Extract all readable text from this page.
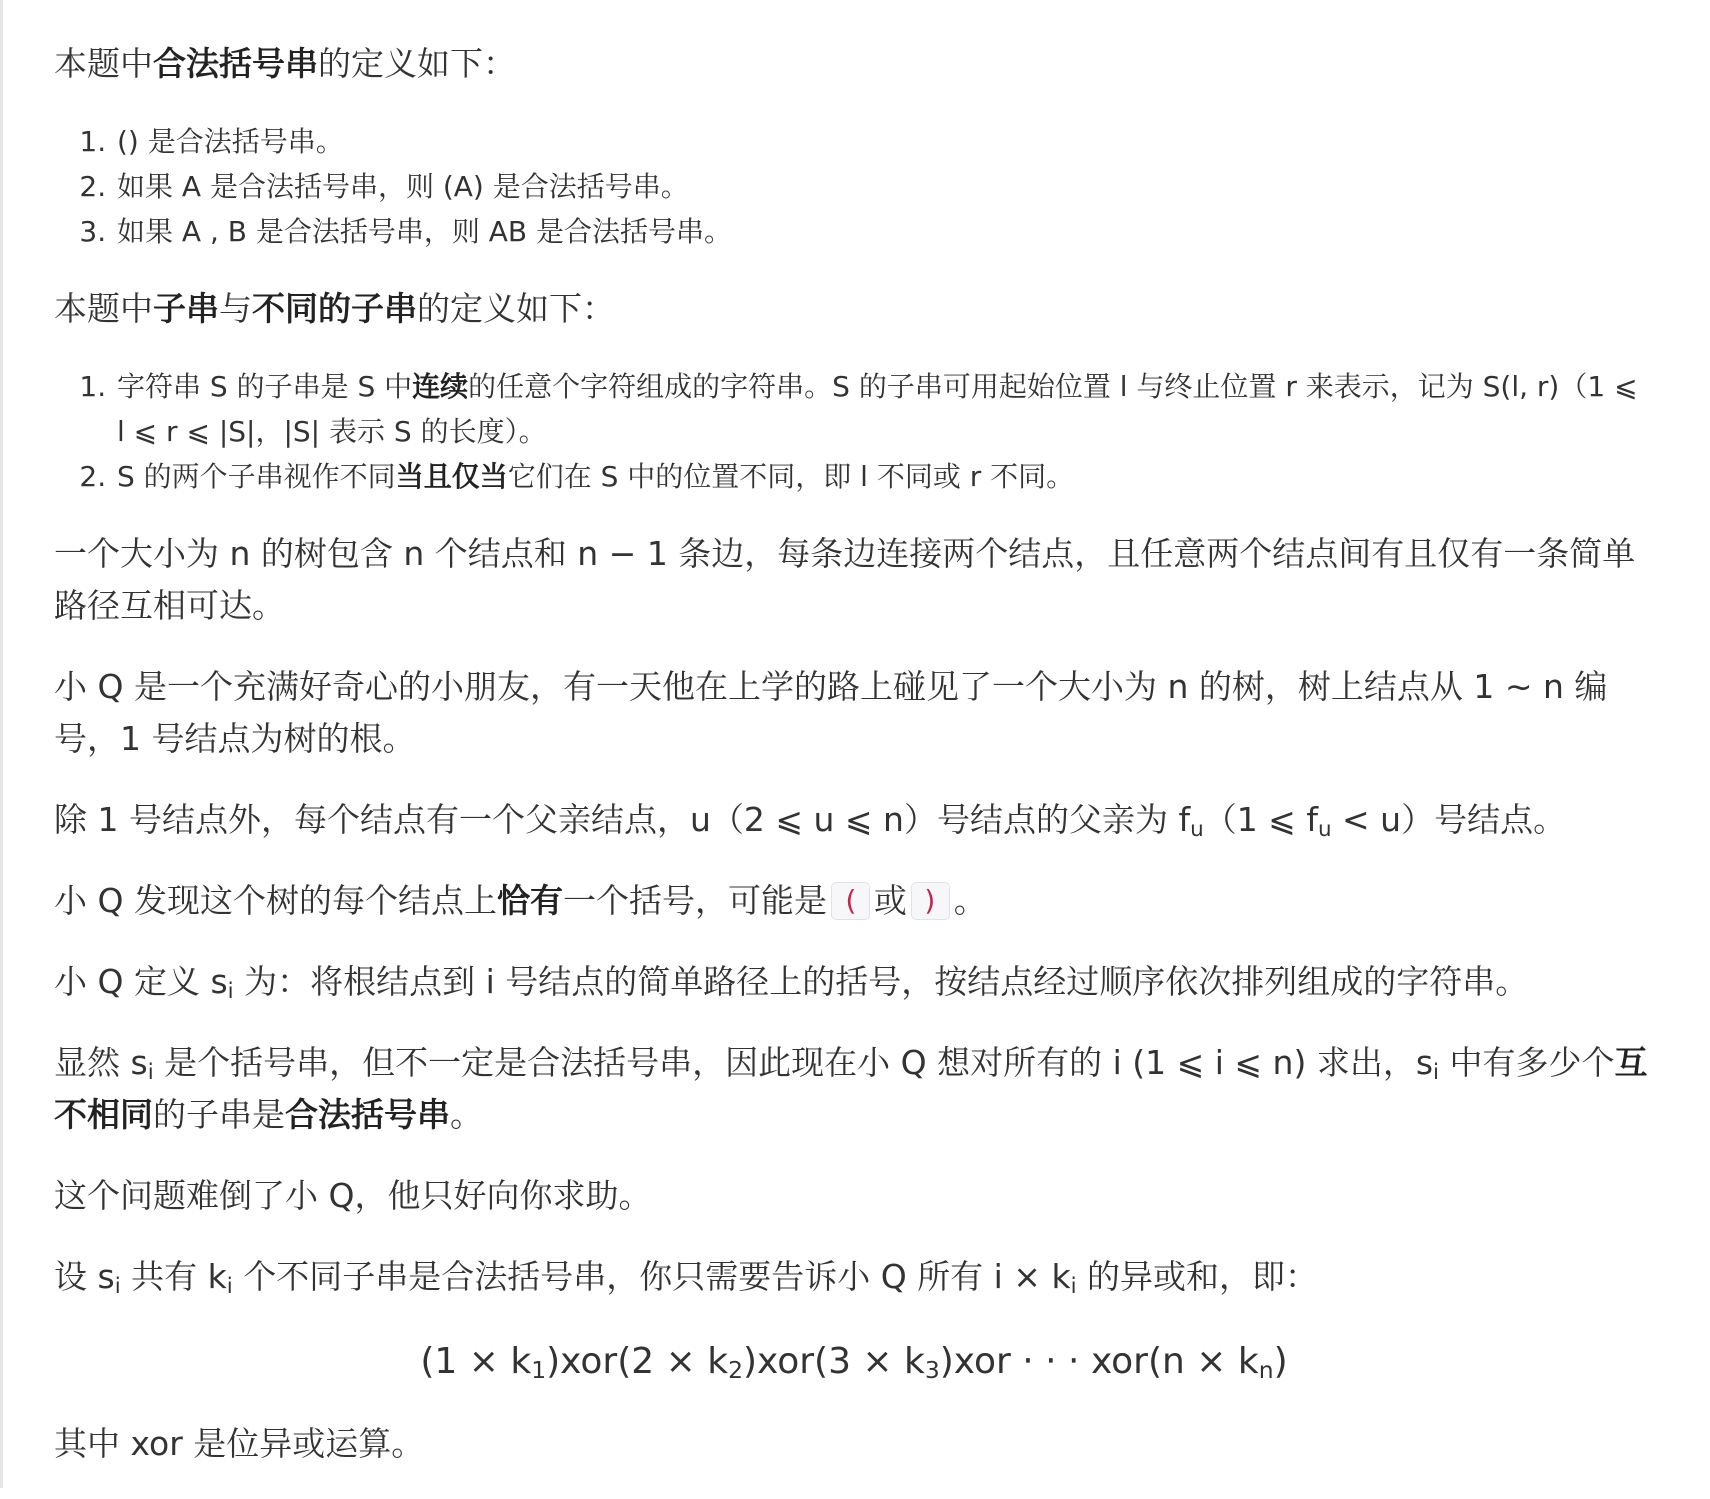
本题中合法括号串的定义如下：

1. () 是合法括号串。
2. 如果 A 是合法括号串，则 (A) 是合法括号串。
3. 如果 A , B 是合法括号串，则 AB 是合法括号串。

本题中子串与不同的子串的定义如下：

1. 字符串 S 的子串是 S 中连续的任意个字符组成的字符串。S 的子串可用起始位置 l 与终止位置 r 来表示，记为 S(l, r)（1 ⩽ l ⩽ r ⩽ |S|，|S| 表示 S 的长度）。
2. S 的两个子串视作不同当且仅当它们在 S 中的位置不同，即 l 不同或 r 不同。

一个大小为 n 的树包含 n 个结点和 n − 1 条边，每条边连接两个结点，且任意两个结点间有且仅有一条简单路径互相可达。

小 Q 是一个充满好奇心的小朋友，有一天他在上学的路上碰见了一个大小为 n 的树，树上结点从 1 ∼ n 编号，1 号结点为树的根。

除 1 号结点外，每个结点有一个父亲结点，u（2 ⩽ u ⩽ n）号结点的父亲为 $f_u(1$ ⩽ $f_u < u$）号结点。

小 Q 发现这个树的每个结点上恰有一个括号，可能是 ( 或 ) 。

小 Q 定义 $s_i$ 为：将根结点到 i 号结点的简单路径上的括号，按结点经过顺序依次排列组成的字符串。

显然 $s_i$ 是个括号串，但不一定是合法括号串，因此现在小 Q 想对所有的 i (1 ⩽ i ⩽ n) 求出，$s_i$ 中有多少个互不相同的子串是合法括号串。

这个问题难倒了小 Q，他只好向你求助。

设 $s_i$ 共有 $k_i$ 个不同子串是合法括号串，你只需要告诉小 Q 所有 $i \times k_i$ 的异或和，即：

$(1 \times k_1)xor(2 \times k_2)xor(3 \times k_3)xor$ ⋅ ⋅ ⋅ $xor(n \times k_n)$

其中 xor 是位异或运算。
